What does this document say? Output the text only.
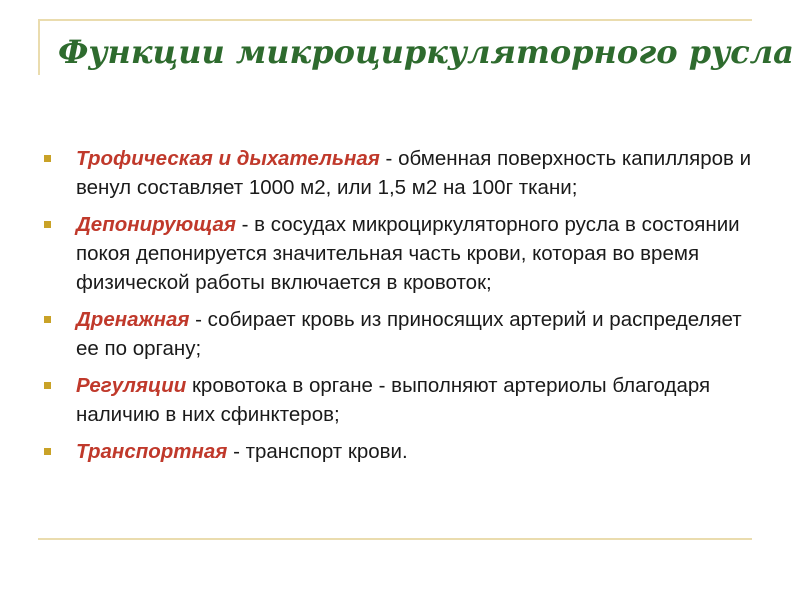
Функции микроциркуляторного русла
Трофическая и дыхательная - обменная поверхность капилляров и венул составляет 1000 м2, или 1,5 м2 на 100г ткани;
Депонирующая - в сосудах микроциркуляторного русла в состоянии покоя депонируется значительная часть крови, которая во время физической работы включается в кровоток;
Дренажная - собирает кровь из приносящих артерий и распределяет ее по органу;
Регуляции кровотока в органе - выполняют артериолы благодаря наличию в них сфинктеров;
Транспортная - транспорт крови.
